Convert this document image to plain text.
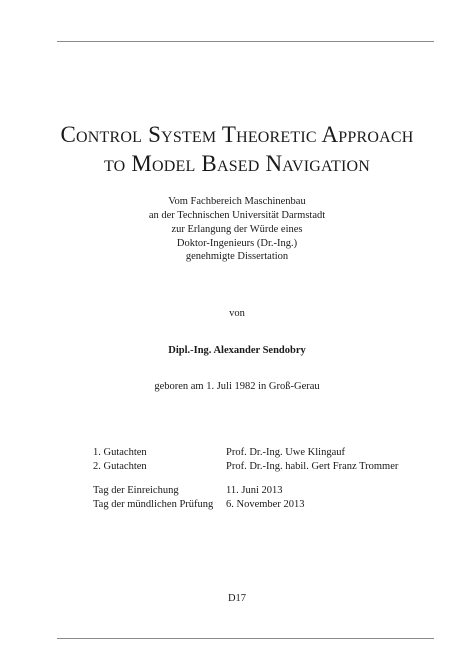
Control System Theoretic Approach
to Model Based Navigation
Vom Fachbereich Maschinenbau
an der Technischen Universität Darmstadt
zur Erlangung der Würde eines
Doktor-Ingenieurs (Dr.-Ing.)
genehmigte Dissertation
von
Dipl.-Ing. Alexander Sendobry
geboren am 1. Juli 1982 in Groß-Gerau
1. Gutachten	Prof. Dr.-Ing. Uwe Klingauf
2. Gutachten	Prof. Dr.-Ing. habil. Gert Franz Trommer
Tag der Einreichung	11. Juni 2013
Tag der mündlichen Prüfung 6. November 2013
D17
